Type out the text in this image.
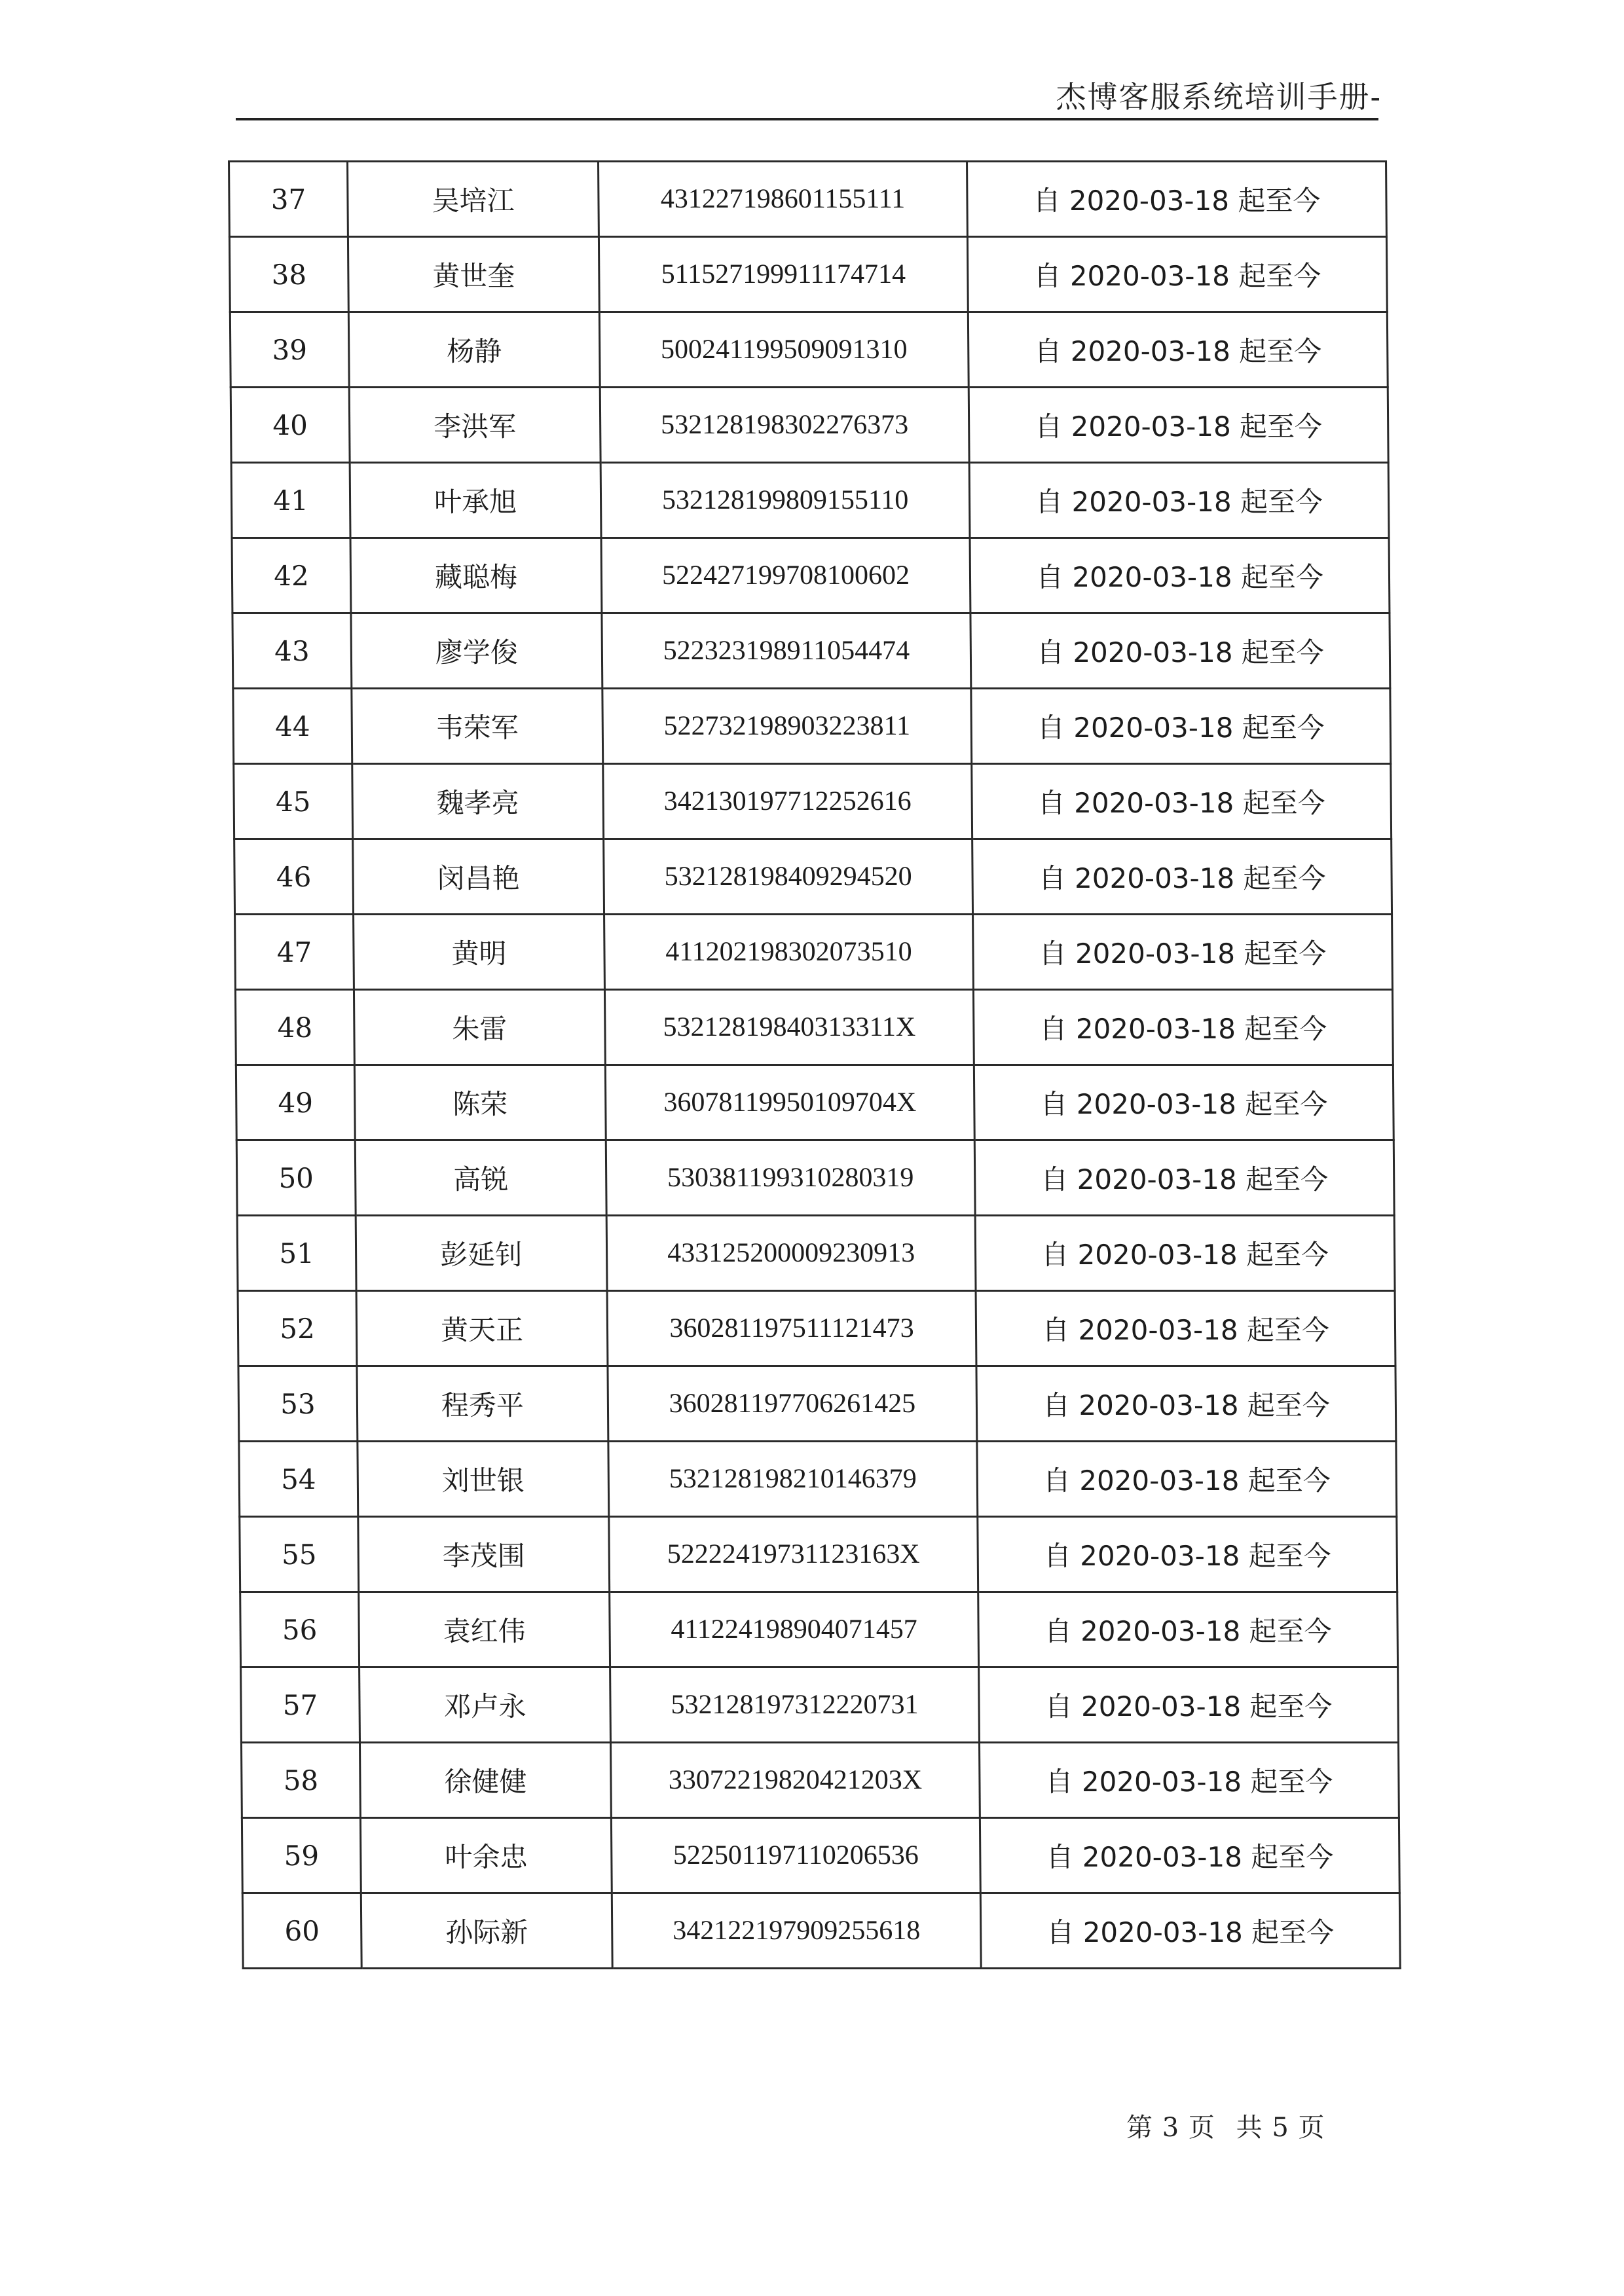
杰博客服系统培训手册-
37	吴培江	431227198601155111	自 2020-03-18 起至今
38	黄世奎	511527199911174714	自 2020-03-18 起至今
39	杨静	500241199509091310	自 2020-03-18 起至今
40	李洪军	532128198302276373	自 2020-03-18 起至今
41	叶承旭	532128199809155110	自 2020-03-18 起至今
42	藏聪梅	522427199708100602	自 2020-03-18 起至今
43	廖学俊	522323198911054474	自 2020-03-18 起至今
44	韦荣军	522732198903223811	自 2020-03-18 起至今
45	魏孝亮	342130197712252616	自 2020-03-18 起至今
46	闵昌艳	532128198409294520	自 2020-03-18 起至今
47	黄明	411202198302073510	自 2020-03-18 起至今
48	朱雷	53212819840313311X	自 2020-03-18 起至今
49	陈荣	36078119950109704X	自 2020-03-18 起至今
50	高锐	530381199310280319	自 2020-03-18 起至今
51	彭延钊	433125200009230913	自 2020-03-18 起至今
52	黄天正	360281197511121473	自 2020-03-18 起至今
53	程秀平	360281197706261425	自 2020-03-18 起至今
54	刘世银	532128198210146379	自 2020-03-18 起至今
55	李茂围	52222419731123163X	自 2020-03-18 起至今
56	袁红伟	411224198904071457	自 2020-03-18 起至今
57	邓卢永	532128197312220731	自 2020-03-18 起至今
58	徐健健	33072219820421203X	自 2020-03-18 起至今
59	叶余忠	522501197110206536	自 2020-03-18 起至今
60	孙际新	342122197909255618	自 2020-03-18 起至今
第 3 页 共 5 页
